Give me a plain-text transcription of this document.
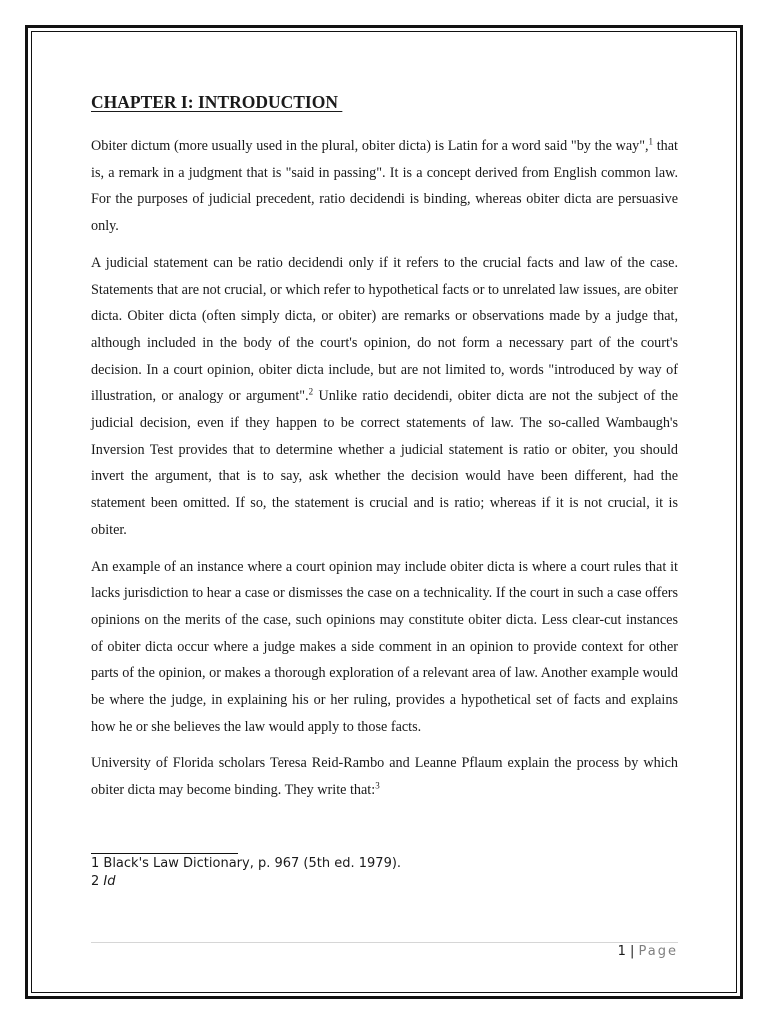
CHAPTER I: INTRODUCTION

Obiter dictum (more usually used in the plural, obiter dicta) is Latin for a word said "by the way",$^1$ that is, a remark in a judgment that is "said in passing". It is a concept derived from English common law. For the purposes of judicial precedent, ratio decidendi is binding, whereas obiter dicta are persuasive only.

A judicial statement can be ratio decidendi only if it refers to the crucial facts and law of the case. Statements that are not crucial, or which refer to hypothetical facts or to unrelated law issues, are obiter dicta. Obiter dicta (often simply dicta, or obiter) are remarks or observations made by a judge that, although included in the body of the court's opinion, do not form a necessary part of the court's decision. In a court opinion, obiter dicta include, but are not limited to, words "introduced by way of illustration, or analogy or argument".$^2$ Unlike ratio decidendi, obiter dicta are not the subject of the judicial decision, even if they happen to be correct statements of law. The so-called Wambaugh's Inversion Test provides that to determine whether a judicial statement is ratio or obiter, you should invert the argument, that is to say, ask whether the decision would have been different, had the statement been omitted. If so, the statement is crucial and is ratio; whereas if it is not crucial, it is obiter.

An example of an instance where a court opinion may include obiter dicta is where a court rules that it lacks jurisdiction to hear a case or dismisses the case on a technicality. If the court in such a case offers opinions on the merits of the case, such opinions may constitute obiter dicta. Less clear-cut instances of obiter dicta occur where a judge makes a side comment in an opinion to provide context for other parts of the opinion, or makes a thorough exploration of a relevant area of law. Another example would be where the judge, in explaining his or her ruling, provides a hypothetical set of facts and explains how he or she believes the law would apply to those facts.

University of Florida scholars Teresa Reid-Rambo and Leanne Pflaum explain the process by which obiter dicta may become binding. They write that:$^3$

1 Black's Law Dictionary, p. 967 (5th ed. 1979).
2 Id
1 | Page
